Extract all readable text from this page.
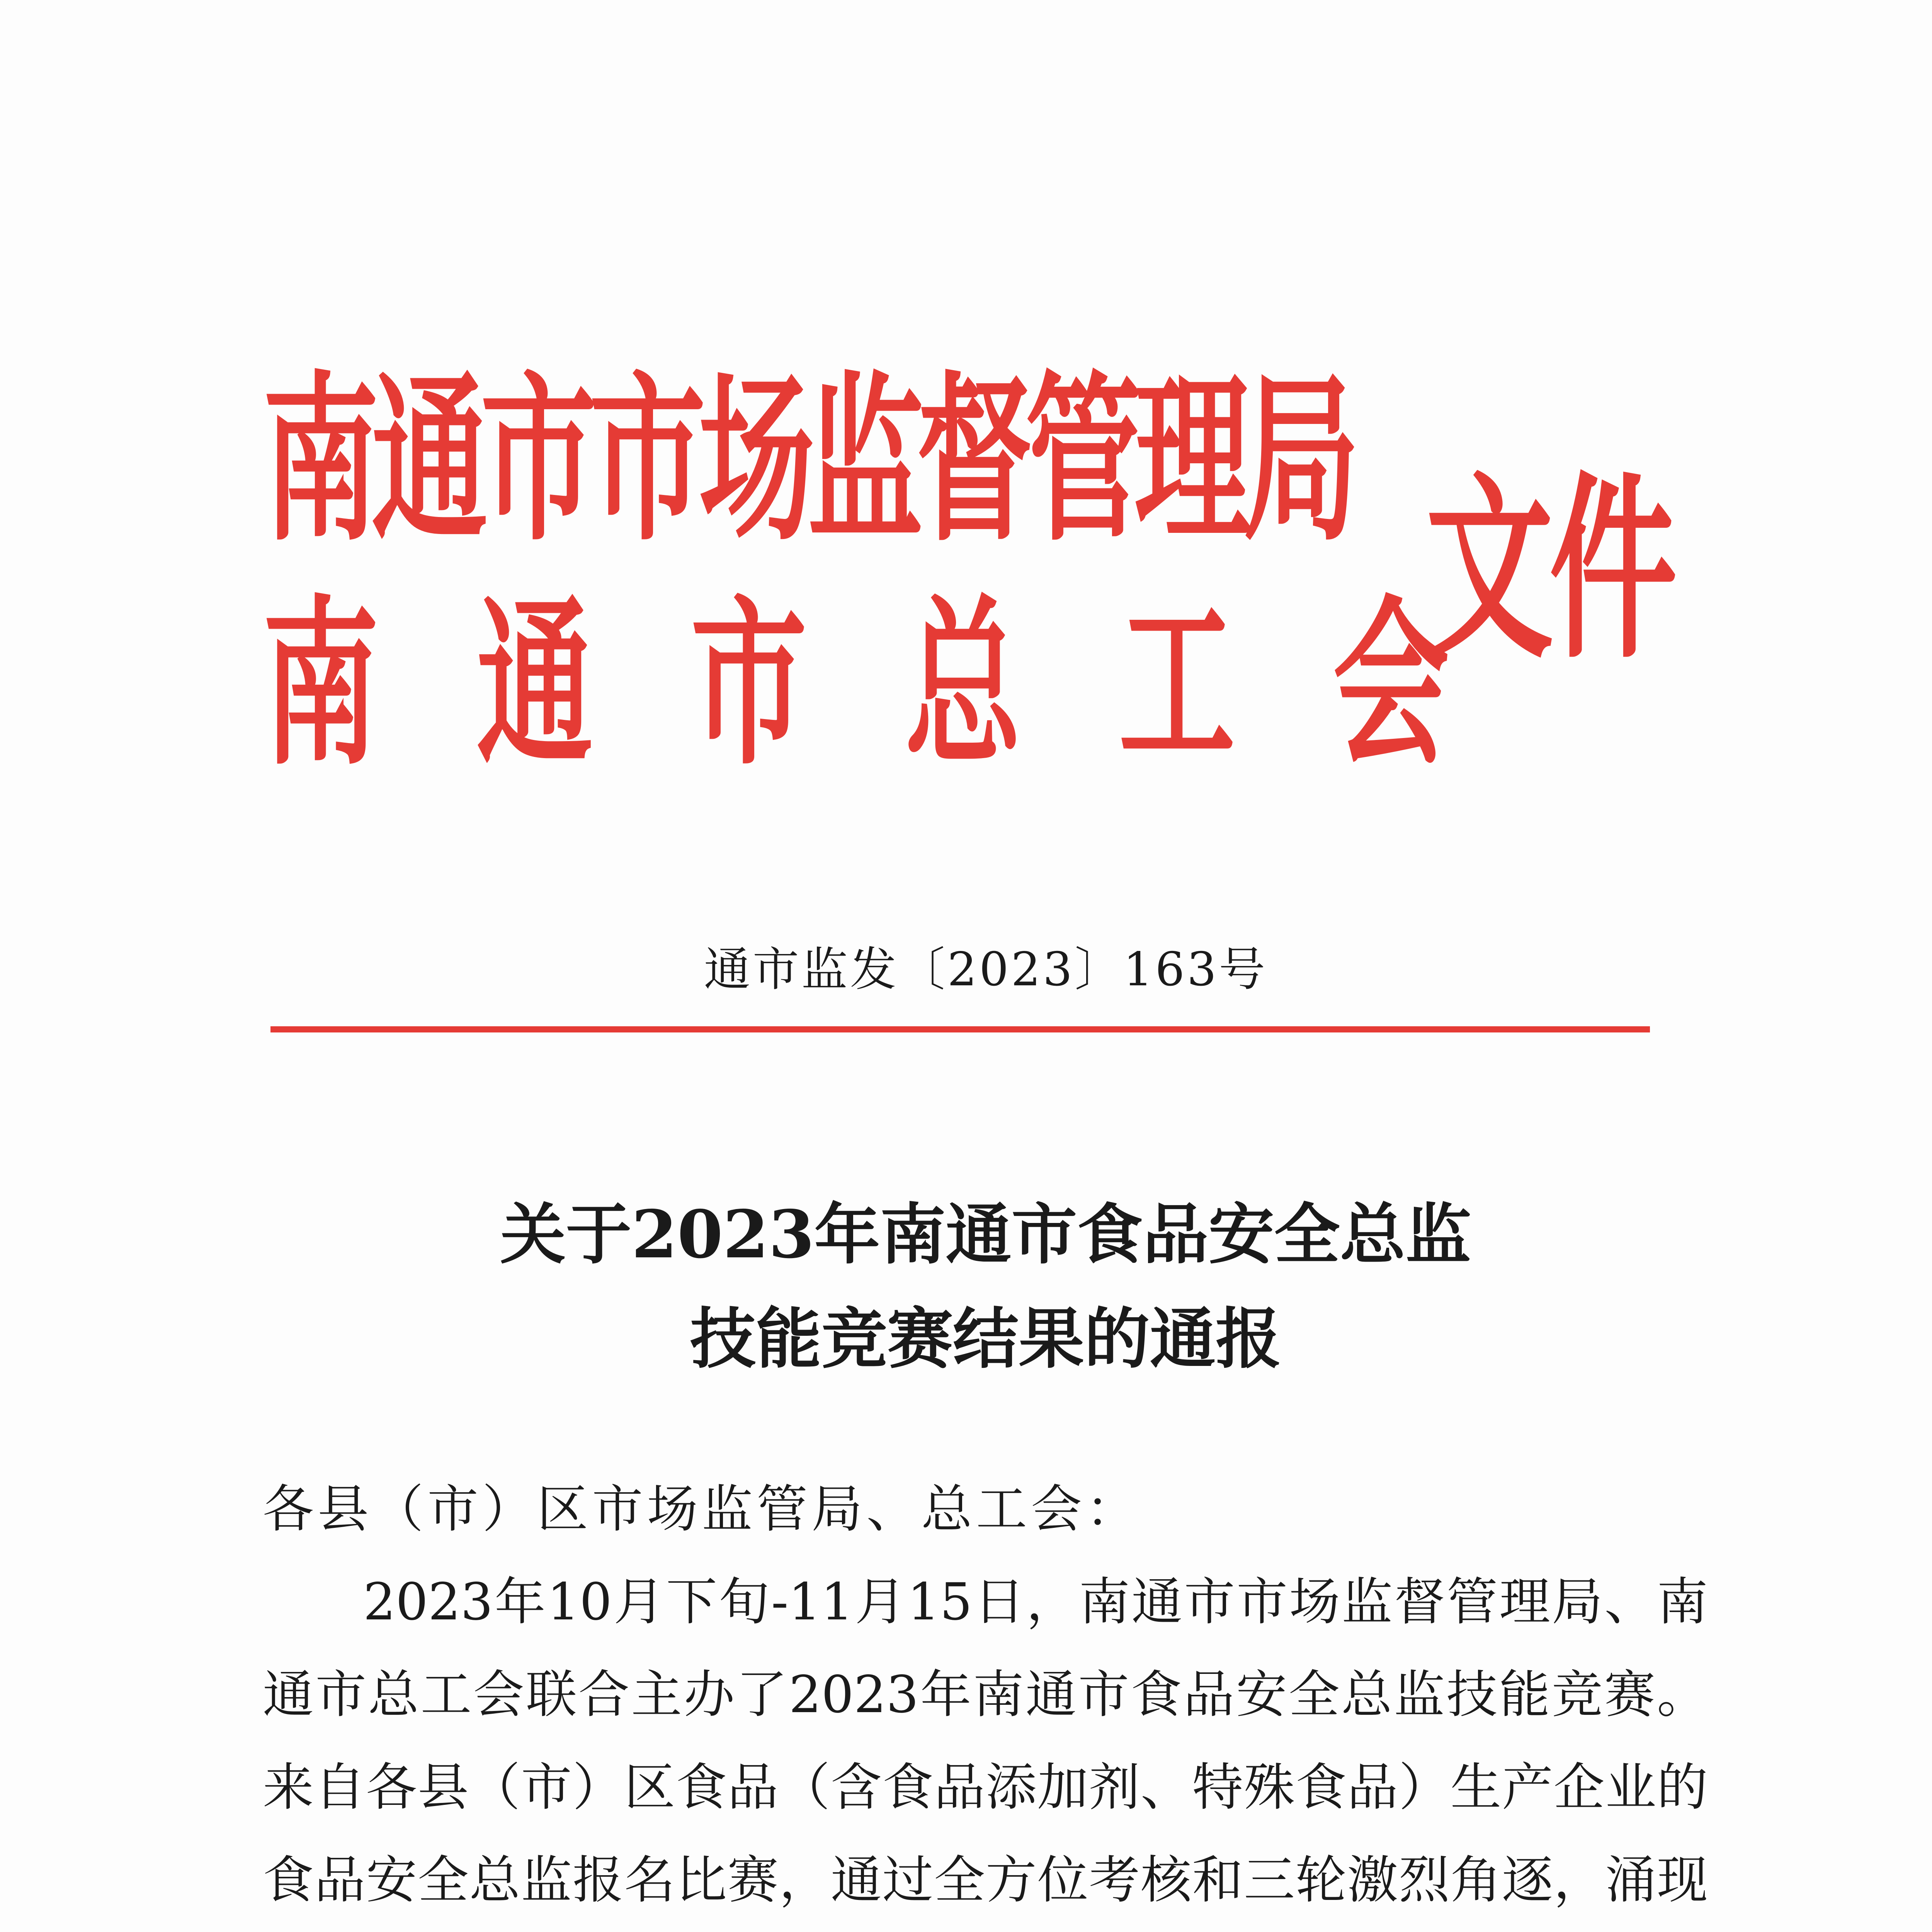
南通市市场监督管理局
南通市总工会
文件
通市监发〔2023〕163号
关于2023年南通市食品安全总监
技能竞赛结果的通报
各县（市）区市场监管局、总工会：
2023年10月下旬-11月15日，南通市市场监督管理局、南
通市总工会联合主办了2023年南通市食品安全总监技能竞赛。
来自各县（市）区食品（含食品添加剂、特殊食品）生产企业的
食品安全总监报名比赛，通过全方位考核和三轮激烈角逐，涌现
